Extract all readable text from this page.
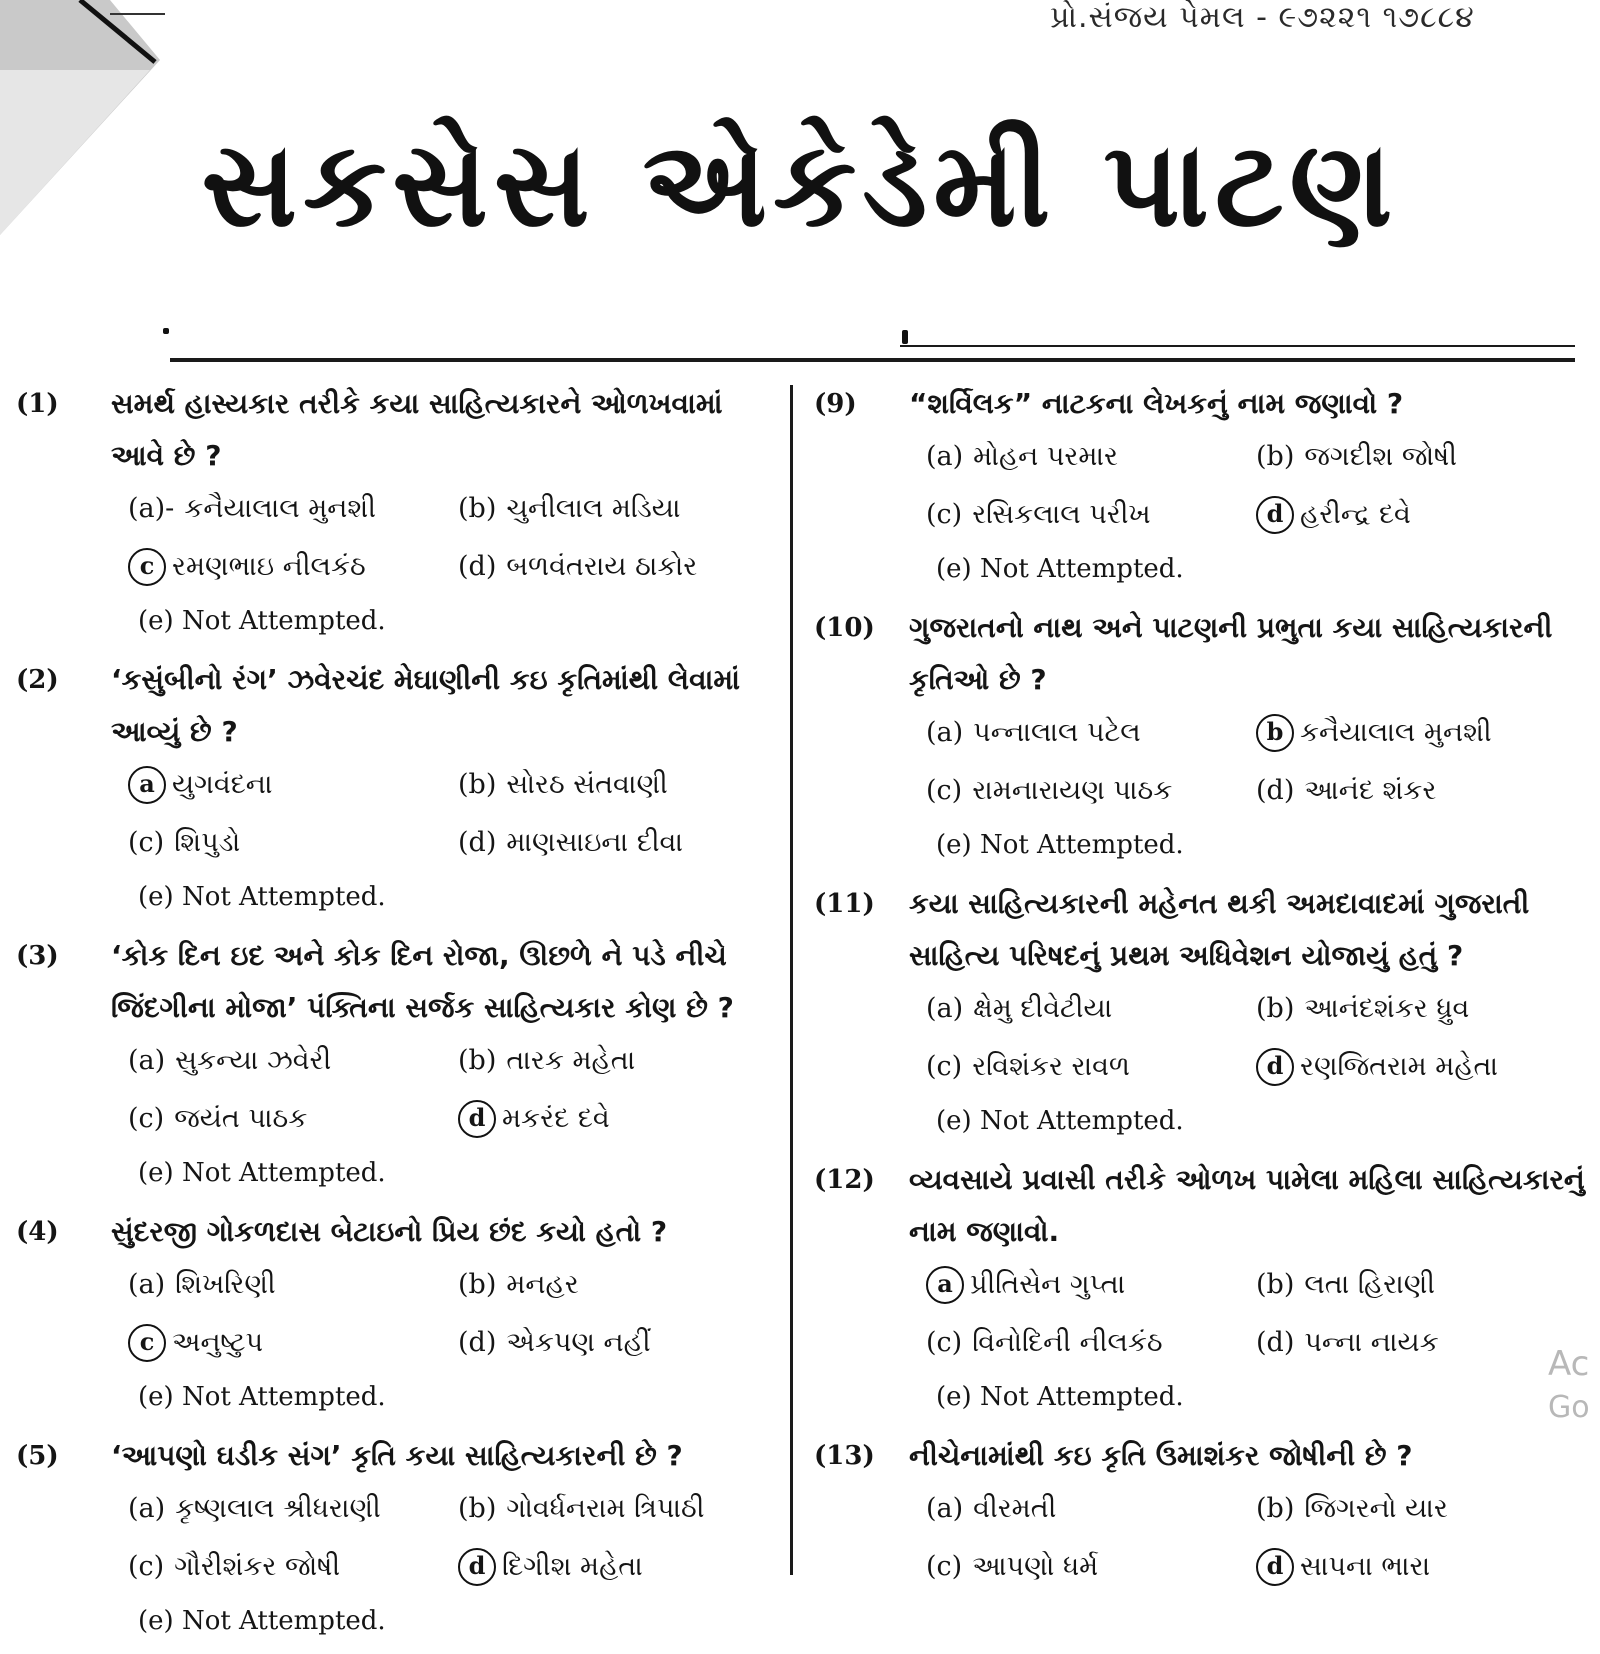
પ્રો.સંજય પેમલ - ૯૭૨૨૧ ૧૭૮૮૪
સકસેસ એકેડેમી પાટણ
(1)	સમર્થ હાસ્યકાર તરીકે કયા સાહિત્યકારને ઓળખવામાં આવે છે ?
(a)- કનૈયાલાલ મુનશી	(b) ચુનીલાલ મડિયા
c રમણભાઇ નીલકંઠ	(d) બળવંતરાય ઠાકોર
(e) Not Attempted.
(2)	‘કસુંબીનો રંગ’ ઝવેરચંદ મેઘાણીની કઇ કૃતિમાંથી લેવામાં આવ્યું છે ?
a યુગવંદના	(b) સોરઠ સંતવાણી
(c) શિપુડો	(d) માણસાઇના દીવા
(e) Not Attempted.
(3)	‘કોક દિન ઇદ અને કોક દિન રોજા, ઊછળે ને પડે નીચે જિંદગીના મોજા’ પંક્તિના સર્જક સાહિત્યકાર કોણ છે ?
(a) સુકન્યા ઝવેરી	(b) તારક મહેતા
(c) જયંત પાઠક	d મકરંદ દવે
(e) Not Attempted.
(4)	સુંદરજી ગોકળદાસ બેટાઇનો પ્રિય છંદ કયો હતો ?
(a) શિખરિણી	(b) મનહર
c અનુષ્ટુપ	(d) એકપણ નહીં
(e) Not Attempted.
(5)	‘આપણો ઘડીક સંગ’ કૃતિ કયા સાહિત્યકારની છે ?
(a) કૃષ્ણલાલ શ્રીધરાણી	(b) ગોવર્ધનરામ ત્રિપાઠી
(c) ગૌરીશંકર જોષી	d દિગીશ મહેતા
(e) Not Attempted.
(9)	“શર્વિલક” નાટકના લેખકનું નામ જણાવો ?
(a) મોહન પરમાર	(b) જગદીશ જોષી
(c) રસિકલાલ પરીખ	d હરીન્દ્ર દવે
(e) Not Attempted.
(10)	ગુજરાતનો નાથ અને પાટણની પ્રભુતા કયા સાહિત્યકારની કૃતિઓ છે ?
(a) પન્નાલાલ પટેલ	b કનૈયાલાલ મુનશી
(c) રામનારાયણ પાઠક	(d) આનંદ શંકર
(e) Not Attempted.
(11)	કયા સાહિત્યકારની મહેનત થકી અમદાવાદમાં ગુજરાતી સાહિત્ય પરિષદનું પ્રથમ અધિવેશન યોજાયું હતું ?
(a) ક્ષેમુ દીવેટીયા	(b) આનંદશંકર ધ્રુવ
(c) રવિશંકર રાવળ	d રણજિતરામ મહેતા
(e) Not Attempted.
(12)	વ્યવસાયે પ્રવાસી તરીકે ઓળખ પામેલા મહિલા સાહિત્યકારનું નામ જણાવો.
a પ્રીતિસેન ગુપ્તા	(b) લતા હિરાણી
(c) વિનોદિની નીલકંઠ	(d) પન્ના નાયક
(e) Not Attempted.
(13)	નીચેનામાંથી કઇ કૃતિ ઉમાશંકર જોષીની છે ?
(a) વીરમતી	(b) જિગરનો યાર
(c) આપણો ધર્મ	d સાપના ભારા
Ac
Go
